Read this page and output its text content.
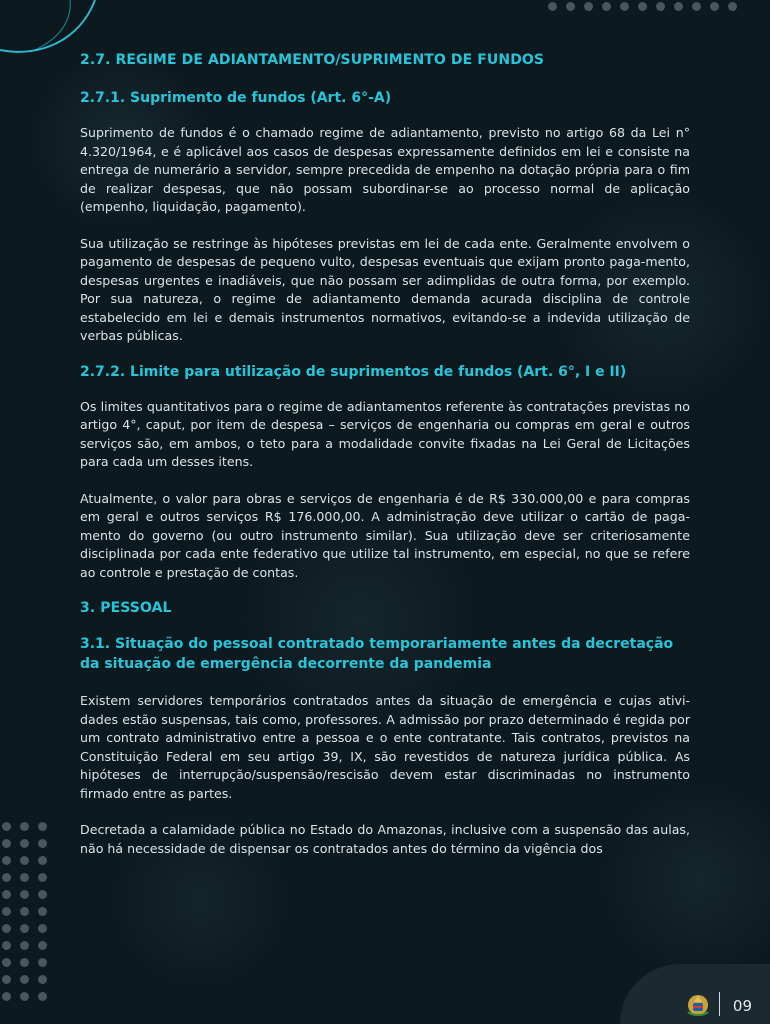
2.7. REGIME DE ADIANTAMENTO/SUPRIMENTO DE FUNDOS
2.7.1. Suprimento de fundos (Art. 6°-A)

Suprimento de fundos é o chamado regime de adiantamento, previsto no artigo 68 da Lei n° 4.320/1964, e é aplicável aos casos de despesas expressamente definidos em lei e consiste na entrega de numerário a servidor, sempre precedida de empenho na dotação própria para o fim de realizar despesas, que não possam subordinar-se ao processo normal de aplicação (empenho, liquidação, pagamento).

Sua utilização se restringe às hipóteses previstas em lei de cada ente. Geralmente envolvem o pagamento de despesas de pequeno vulto, despesas eventuais que exijam pronto paga-mento, despesas urgentes e inadiáveis, que não possam ser adimplidas de outra forma, por exemplo. Por sua natureza, o regime de adiantamento demanda acurada disciplina de controle estabelecido em lei e demais instrumentos normativos, evitando-se a indevida utilização de verbas públicas.

2.7.2. Limite para utilização de suprimentos de fundos (Art. 6°, I e II)

Os limites quantitativos para o regime de adiantamentos referente às contratações previstas no artigo 4°, caput, por item de despesa – serviços de engenharia ou compras em geral e outros serviços são, em ambos, o teto para a modalidade convite fixadas na Lei Geral de Licitações para cada um desses itens.

Atualmente, o valor para obras e serviços de engenharia é de R$ 330.000,00 e para compras em geral e outros serviços R$ 176.000,00. A administração deve utilizar o cartão de paga-mento do governo (ou outro instrumento similar). Sua utilização deve ser criteriosamente disciplinada por cada ente federativo que utilize tal instrumento, em especial, no que se refere ao controle e prestação de contas.

3. PESSOAL
3.1. Situação do pessoal contratado temporariamente antes da decretação da situação de emergência decorrente da pandemia

Existem servidores temporários contratados antes da situação de emergência e cujas ativi-dades estão suspensas, tais como, professores. A admissão por prazo determinado é regida por um contrato administrativo entre a pessoa e o ente contratante. Tais contratos, previstos na Constituição Federal em seu artigo 39, IX, são revestidos de natureza jurídica pública. As hipóteses de interrupção/suspensão/rescisão devem estar discriminadas no instrumento firmado entre as partes.

Decretada a calamidade pública no Estado do Amazonas, inclusive com a suspensão das aulas, não há necessidade de dispensar os contratados antes do término da vigência dos

09
